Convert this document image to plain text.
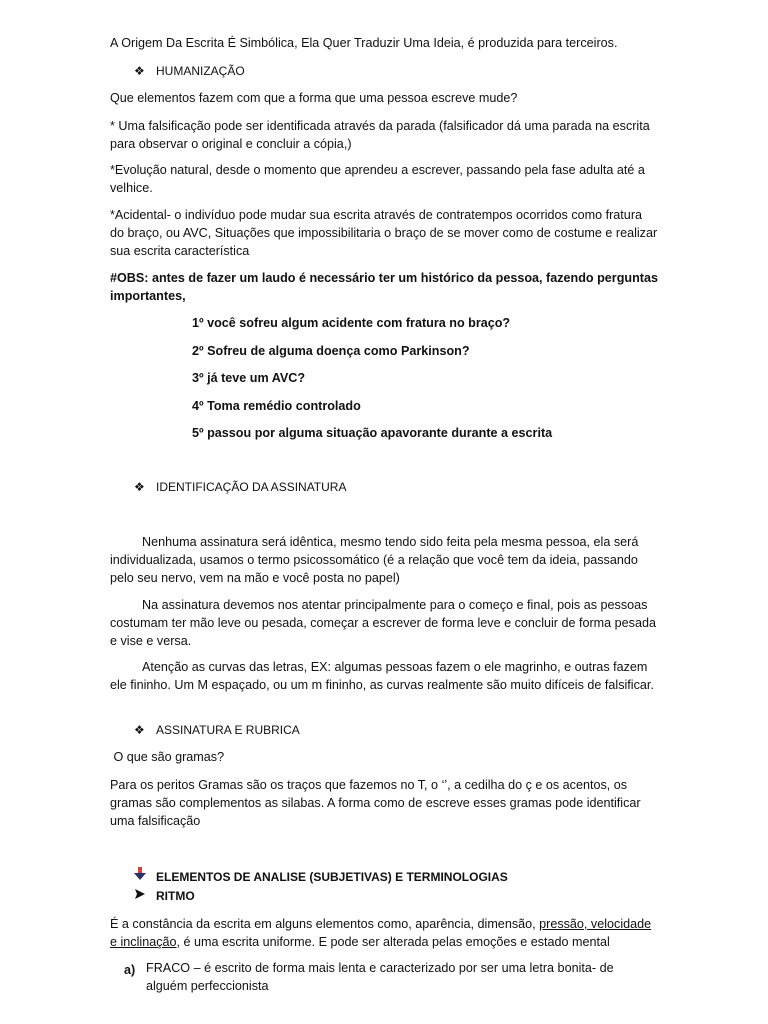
A Origem Da Escrita É Simbólica, Ela Quer Traduzir Uma Ideia, é produzida para terceiros.

❖ HUMANIZAÇÃO

Que elementos fazem com que a forma que uma pessoa escreve mude?

* Uma falsificação pode ser identificada através da parada (falsificador dá uma parada na escrita para observar o original e concluir a cópia,)

*Evolução natural, desde o momento que aprendeu a escrever, passando pela fase adulta até a velhice.

*Acidental- o indivíduo pode mudar sua escrita através de contratempos ocorridos como fratura do braço, ou AVC, Situações que impossibilitaria o braço de se mover como de costume e realizar sua escrita característica

#OBS: antes de fazer um laudo é necessário ter um histórico da pessoa, fazendo perguntas importantes,

1º você sofreu algum acidente com fratura no braço?
2º Sofreu de alguma doença como Parkinson?
3º já teve um AVC?
4º Toma remédio controlado
5º passou por alguma situação apavorante durante a escrita
❖ IDENTIFICAÇÃO DA ASSINATURA

Nenhuma assinatura será idêntica, mesmo tendo sido feita pela mesma pessoa, ela será individualizada, usamos o termo psicossomático (é a relação que você tem da ideia, passando pelo seu nervo, vem na mão e você posta no papel)

Na assinatura devemos nos atentar principalmente para o começo e final, pois as pessoas costumam ter mão leve ou pesada, começar a escrever de forma leve e concluir de forma pesada e vise e versa.

Atenção as curvas das letras, EX: algumas pessoas fazem o ele magrinho, e outras fazem ele fininho. Um M espaçado, ou um m fininho, as curvas realmente são muito difíceis de falsificar.

❖ ASSINATURA E RUBRICA

O que são gramas?

Para os peritos Gramas são os traços que fazemos no T, o ‘’, a cedilha do ç e os acentos, os gramas são complementos as silabas. A forma como de escreve esses gramas pode identificar uma falsificação

ELEMENTOS DE ANALISE (SUBJETIVAS) E TERMINOLOGIAS
RITMO

É a constância da escrita em alguns elementos como, aparência, dimensão, pressão, velocidade e inclinação, é uma escrita uniforme. E pode ser alterada pelas emoções e estado mental

a) FRACO – é escrito de forma mais lenta e caracterizado por ser uma letra bonita- de alguém perfeccionista
